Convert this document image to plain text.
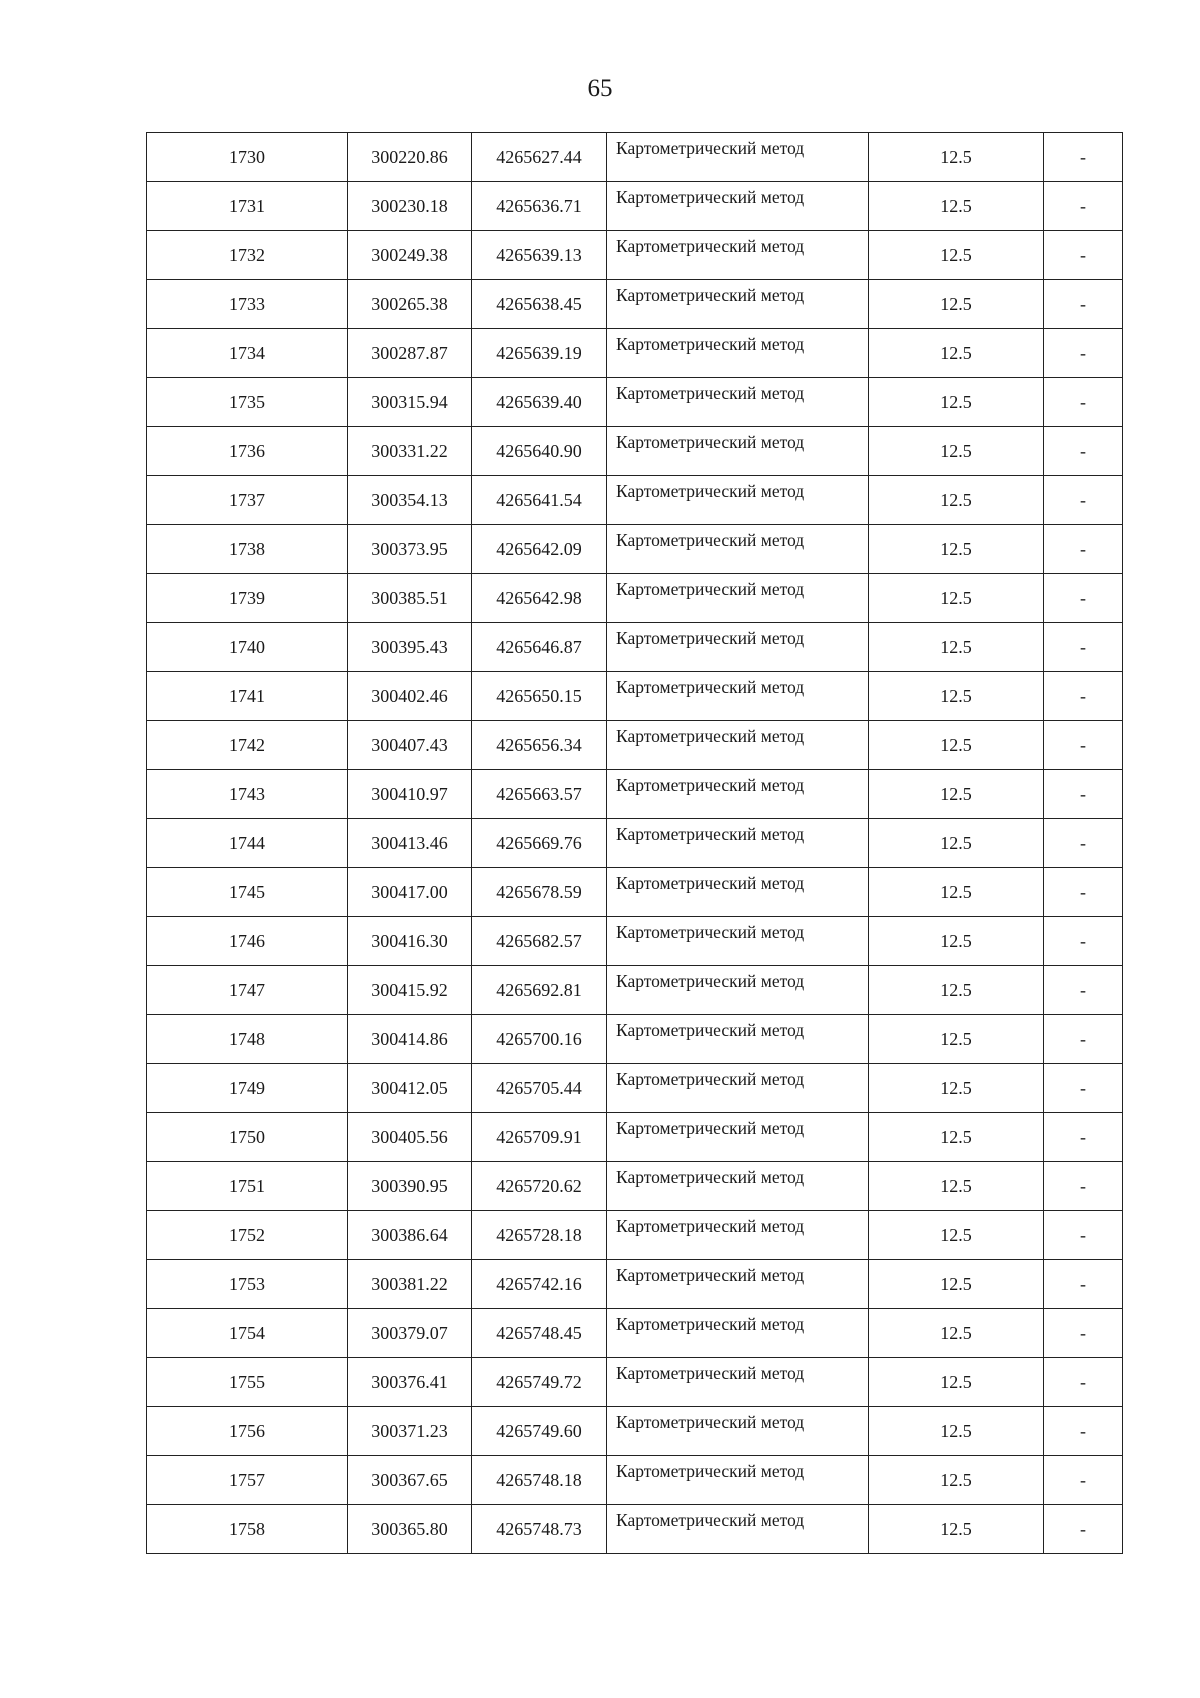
65
1730	300220.86	4265627.44	Картометрический метод	12.5	-
1731	300230.18	4265636.71	Картометрический метод	12.5	-
1732	300249.38	4265639.13	Картометрический метод	12.5	-
1733	300265.38	4265638.45	Картометрический метод	12.5	-
1734	300287.87	4265639.19	Картометрический метод	12.5	-
1735	300315.94	4265639.40	Картометрический метод	12.5	-
1736	300331.22	4265640.90	Картометрический метод	12.5	-
1737	300354.13	4265641.54	Картометрический метод	12.5	-
1738	300373.95	4265642.09	Картометрический метод	12.5	-
1739	300385.51	4265642.98	Картометрический метод	12.5	-
1740	300395.43	4265646.87	Картометрический метод	12.5	-
1741	300402.46	4265650.15	Картометрический метод	12.5	-
1742	300407.43	4265656.34	Картометрический метод	12.5	-
1743	300410.97	4265663.57	Картометрический метод	12.5	-
1744	300413.46	4265669.76	Картометрический метод	12.5	-
1745	300417.00	4265678.59	Картометрический метод	12.5	-
1746	300416.30	4265682.57	Картометрический метод	12.5	-
1747	300415.92	4265692.81	Картометрический метод	12.5	-
1748	300414.86	4265700.16	Картометрический метод	12.5	-
1749	300412.05	4265705.44	Картометрический метод	12.5	-
1750	300405.56	4265709.91	Картометрический метод	12.5	-
1751	300390.95	4265720.62	Картометрический метод	12.5	-
1752	300386.64	4265728.18	Картометрический метод	12.5	-
1753	300381.22	4265742.16	Картометрический метод	12.5	-
1754	300379.07	4265748.45	Картометрический метод	12.5	-
1755	300376.41	4265749.72	Картометрический метод	12.5	-
1756	300371.23	4265749.60	Картометрический метод	12.5	-
1757	300367.65	4265748.18	Картометрический метод	12.5	-
1758	300365.80	4265748.73	Картометрический метод	12.5	-
